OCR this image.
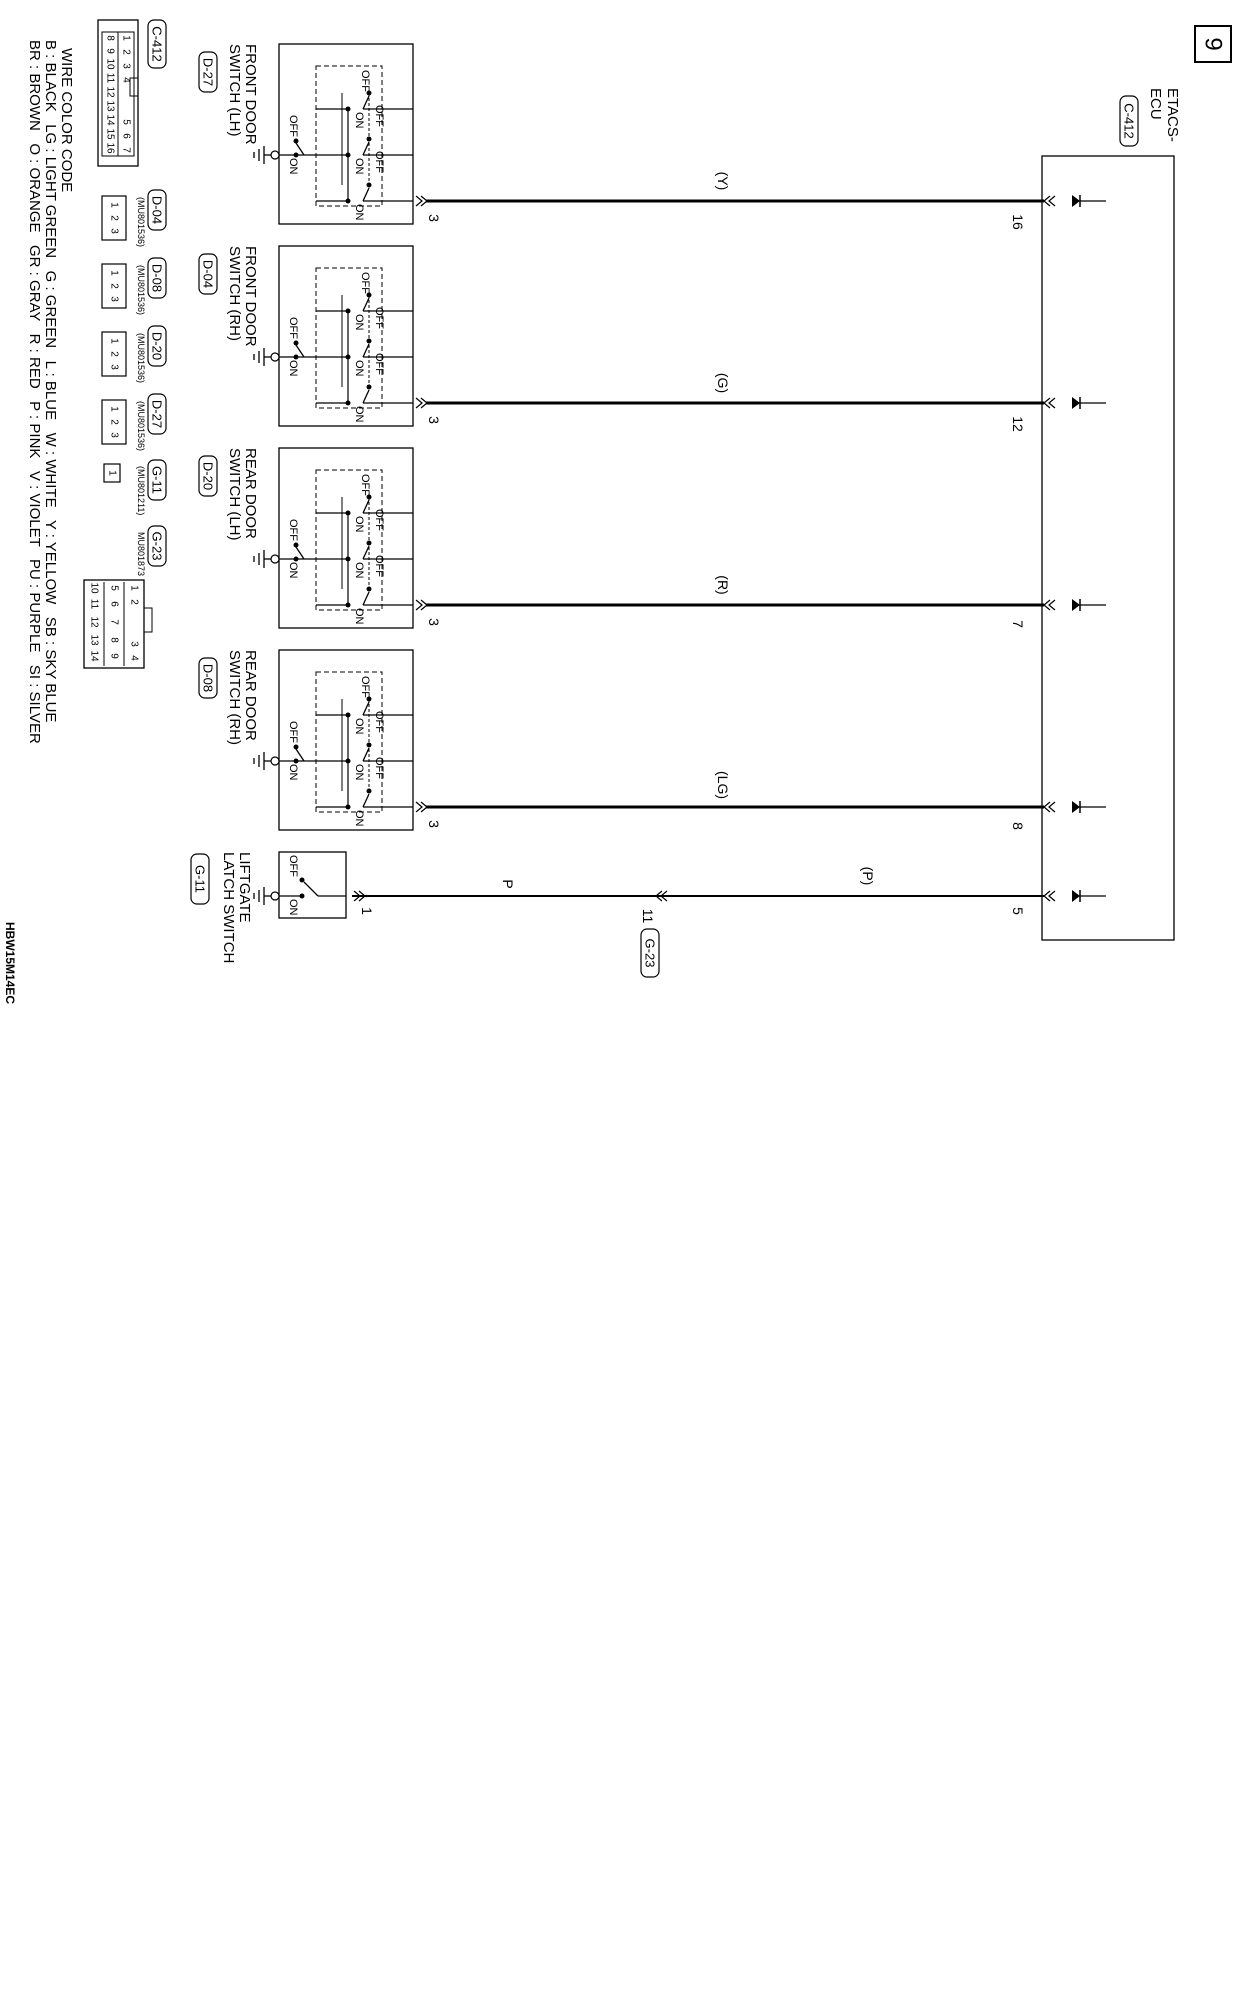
9
ETACS-
ECU
C-412
(Y)
16
3
OFF
OFF
OFF
ON
ON
ON
OFF
ON
FRONT DOOR
SWITCH (LH)
D-27
(G)
12
3
OFF
OFF
OFF
ON
ON
ON
OFF
ON
FRONT DOOR
SWITCH (RH)
D-04
(R)
7
3
OFF
OFF
OFF
ON
ON
ON
OFF
ON
REAR DOOR
SWITCH (LH)
D-20
(LG)
8
3
OFF
OFF
OFF
ON
ON
ON
OFF
ON
REAR DOOR
SWITCH (RH)
D-08
(P)
P
5
1	11
G-23
OFF
ON
LIFTGATE
LATCH SWITCH
G-11
C-412
1
2
3
4
5
6
7
8
9
10
11
12
13
14
15
16
D-04
(MU801536)
1
2
3
D-08
(MU801536)
1
2
3
D-20
(MU801536)
1
2
3
D-27
(MU801536)
1
2
3
G-11
(MU801211)
1
G-23
MU801873
1
2
3
4
5
6
7
8
9
10
11
12
13
14
WIRE COLOR CODE
B : BLACK   LG : LIGHT GREEN   G : GREEN   L : BLUE   W : WHITE   Y : YELLOW   SB : SKY BLUE
BR : BROWN   O : ORANGE   GR : GRAY   R : RED   P : PINK   V : VIOLET   PU : PURPLE   SI : SILVER
HBW15M14EC
